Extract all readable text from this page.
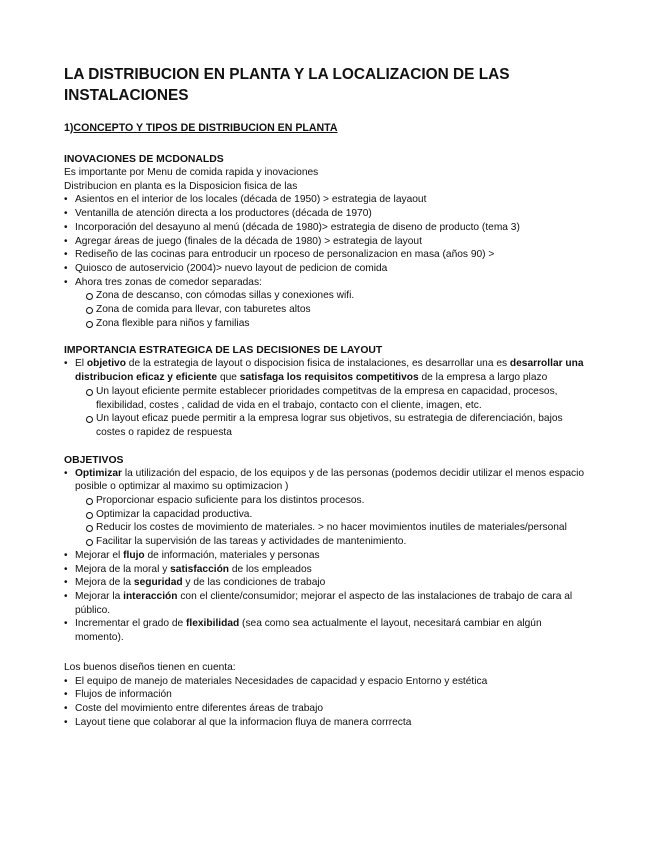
LA DISTRIBUCION EN PLANTA Y LA LOCALIZACION DE LAS INSTALACIONES

1)CONCEPTO Y TIPOS DE DISTRIBUCION EN PLANTA

INOVACIONES DE MCDONALDS

Es importante por Menu de comida rapida y inovaciones

Distribucion en planta es la Disposicion fisica de las

• Asientos en el interior de los locales (década de 1950) > estrategia de layaout
• Ventanilla de atención directa a los productores (década de 1970)
• Incorporación del desayuno al menú (década de 1980)> estrategia de diseno de producto (tema 3)
• Agregar áreas de juego (finales de la década de 1980) > estrategia de layout
• Rediseño de las cocinas para entroducir un rpoceso de personalizacion en masa (años 90) >
• Quiosco de autoservicio (2004)> nuevo layout de pedicion de comida
• Ahora tres zonas de comedor separadas:
Zona de descanso, con cómodas sillas y conexiones wifi.
Zona de comida para llevar, con taburetes altos
Zona flexible para niños y familias

IMPORTANCIA ESTRATEGICA DE LAS DECISIONES DE LAYOUT

• El objetivo de la estrategia de layout o dispocision fisica de instalaciones, es desarrollar una es desarrollar una distribucion eficaz y eficiente que satisfaga los requisitos competitivos de la empresa a largo plazo
Un layout eficiente permite establecer prioridades competitvas de la empresa en capacidad, procesos, flexibilidad, costes , calidad de vida en el trabajo, contacto con el cliente, imagen, etc.
Un layout eficaz puede permitir a la empresa lograr sus objetivos, su estrategia de diferenciación, bajos costes o rapidez de respuesta

OBJETIVOS

• Optimizar la utilización del espacio, de los equipos y de las personas (podemos decidir utilizar el menos espacio posible o optimizar al maximo su optimizacion )
Proporcionar espacio suficiente para los distintos procesos.
Optimizar la capacidad productiva.
Reducir los costes de movimiento de materiales. > no hacer movimientos inutiles de materiales/personal
Facilitar la supervisión de las tareas y actividades de mantenimiento.
• Mejorar el flujo de información, materiales y personas
• Mejora de la moral y satisfacción de los empleados
• Mejora de la seguridad y de las condiciones de trabajo
• Mejorar la interacción con el cliente/consumidor; mejorar el aspecto de las instalaciones de trabajo de cara al público.
• Incrementar el grado de flexibilidad (sea como sea actualmente el layout, necesitará cambiar en algún momento).

Los buenos diseños tienen en cuenta:

• El equipo de manejo de materiales Necesidades de capacidad y espacio Entorno y estética
• Flujos de información
• Coste del movimiento entre diferentes áreas de trabajo
• Layout tiene que colaborar al que la informacion fluya de manera corrrecta
